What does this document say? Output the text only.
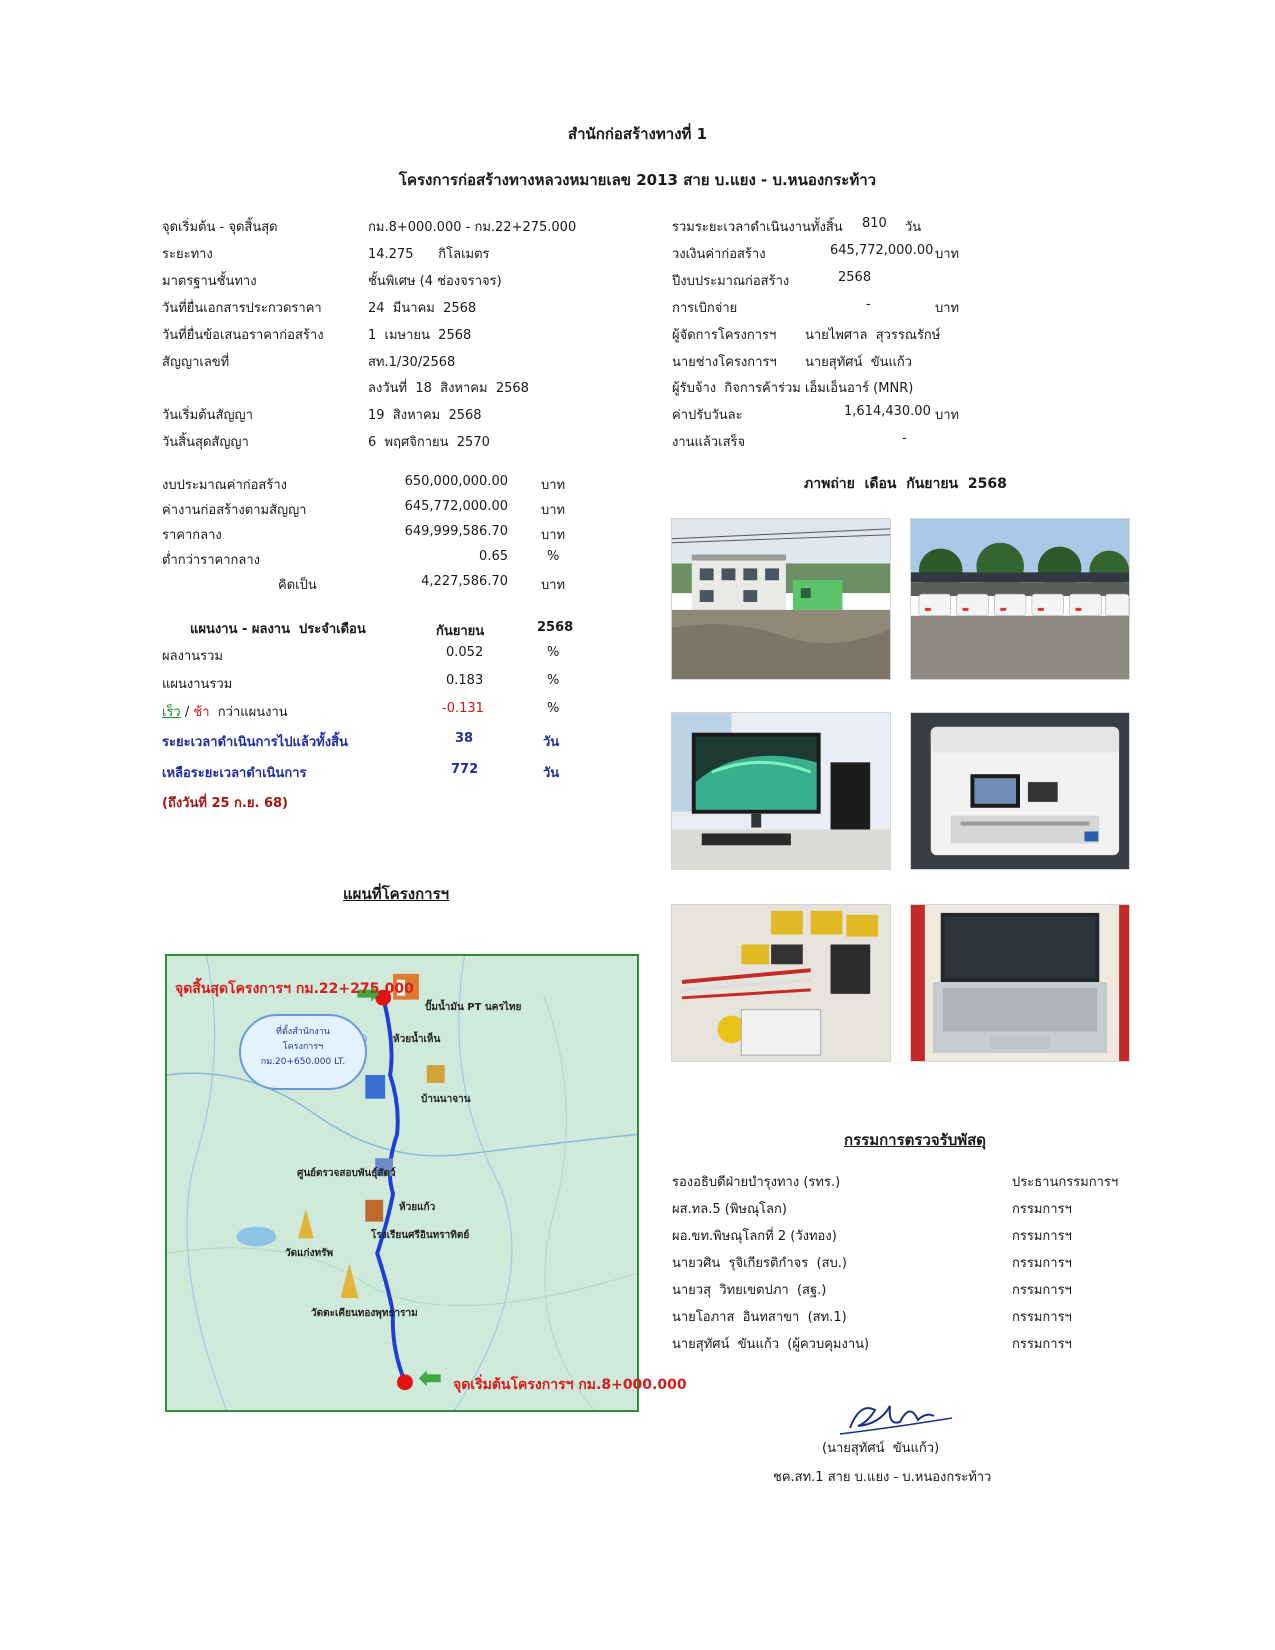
สำนักก่อสร้างทางที่ 1
โครงการก่อสร้างทางหลวงหมายเลข 2013 สาย บ.แยง - บ.หนองกระท้าว
จุดเริ่มต้น - จุดสิ้นสุด	กม.8+000.000 - กม.22+275.000
ระยะทาง	14.275      กิโลเมตร
มาตรฐานชั้นทาง	ชั้นพิเศษ (4 ช่องจราจร)
วันที่ยื่นเอกสารประกวดราคา	24  มีนาคม  2568
วันที่ยื่นข้อเสนอราคาก่อสร้าง	1  เมษายน  2568
สัญญาเลขที่	สท.1/30/2568
ลงวันที่  18  สิงหาคม  2568
วันเริ่มต้นสัญญา	19  สิงหาคม  2568
วันสิ้นสุดสัญญา	6  พฤศจิกายน  2570
รวมระยะเวลาดำเนินงานทั้งสิ้น 810 วัน
วงเงินค่าก่อสร้าง	645,772,000.00 บาท
ปีงบประมาณก่อสร้าง	2568
การเบิกจ่าย	-	บาท
ผู้จัดการโครงการฯ นายไพศาล  สุวรรณรักษ์
นายช่างโครงการฯ นายสุทัศน์  ขันแก้ว
ผู้รับจ้าง  กิจการค้าร่วม เอ็มเอ็นอาร์ (MNR)
ค่าปรับวันละ	1,614,430.00 บาท
งานแล้วเสร็จ	-
งบประมาณค่าก่อสร้าง	650,000,000.00	บาท
ค่างานก่อสร้างตามสัญญา	645,772,000.00	บาท
ราคากลาง	649,999,586.70	บาท
ต่ำกว่าราคากลาง	0.65	%
คิดเป็น	4,227,586.70	บาท
แผนงาน - ผลงาน  ประจำเดือน	กันยายน	2568
ผลงานรวม	0.052	%
แผนงานรวม	0.183	%
เร็ว / ช้า  กว่าแผนงาน	-0.131	%
ระยะเวลาดำเนินการไปแล้วทั้งสิ้น	38	วัน
เหลือระยะเวลาดำเนินการ	772	วัน
(ถึงวันที่ 25 ก.ย. 68)
ภาพถ่าย  เดือน  กันยายน  2568
แผนที่โครงการฯ
จุดสิ้นสุดโครงการฯ กม.22+275.000
จุดเริ่มต้นโครงการฯ กม.8+000.000
ที่ตั้งสำนักงาน
โครงการฯ
กม.20+650.000 LT.
ปั๊มน้ำมัน PT นครไทย
ห้วยน้ำเห็น
บ้านนาจาน
ศูนย์ตรวจสอบพันธุ์สัตว์
ห้วยแก้ว
โรงเรียนศรีอินทราทิตย์
วัดแก่งทรัพ
วัดตะเคียนทองพุทธาราม
กรรมการตรวจรับพัสดุ
รองอธิบดีฝ่ายบำรุงทาง (รทร.)	ประธานกรรมการฯ
ผส.ทล.5 (พิษณุโลก)	กรรมการฯ
ผอ.ขท.พิษณุโลกที่ 2 (วังทอง)	กรรมการฯ
นายวศิน  รุจิเกียรติกำจร  (สบ.)	กรรมการฯ
นายวสุ  วิทยเขตปภา  (สฐ.)	กรรมการฯ
นายโอภาส  อินทสาขา  (สท.1)	กรรมการฯ
นายสุทัศน์  ขันแก้ว  (ผู้ควบคุมงาน)	กรรมการฯ
(นายสุทัศน์  ขันแก้ว)
ชค.สท.1 สาย บ.แยง - บ.หนองกระท้าว
